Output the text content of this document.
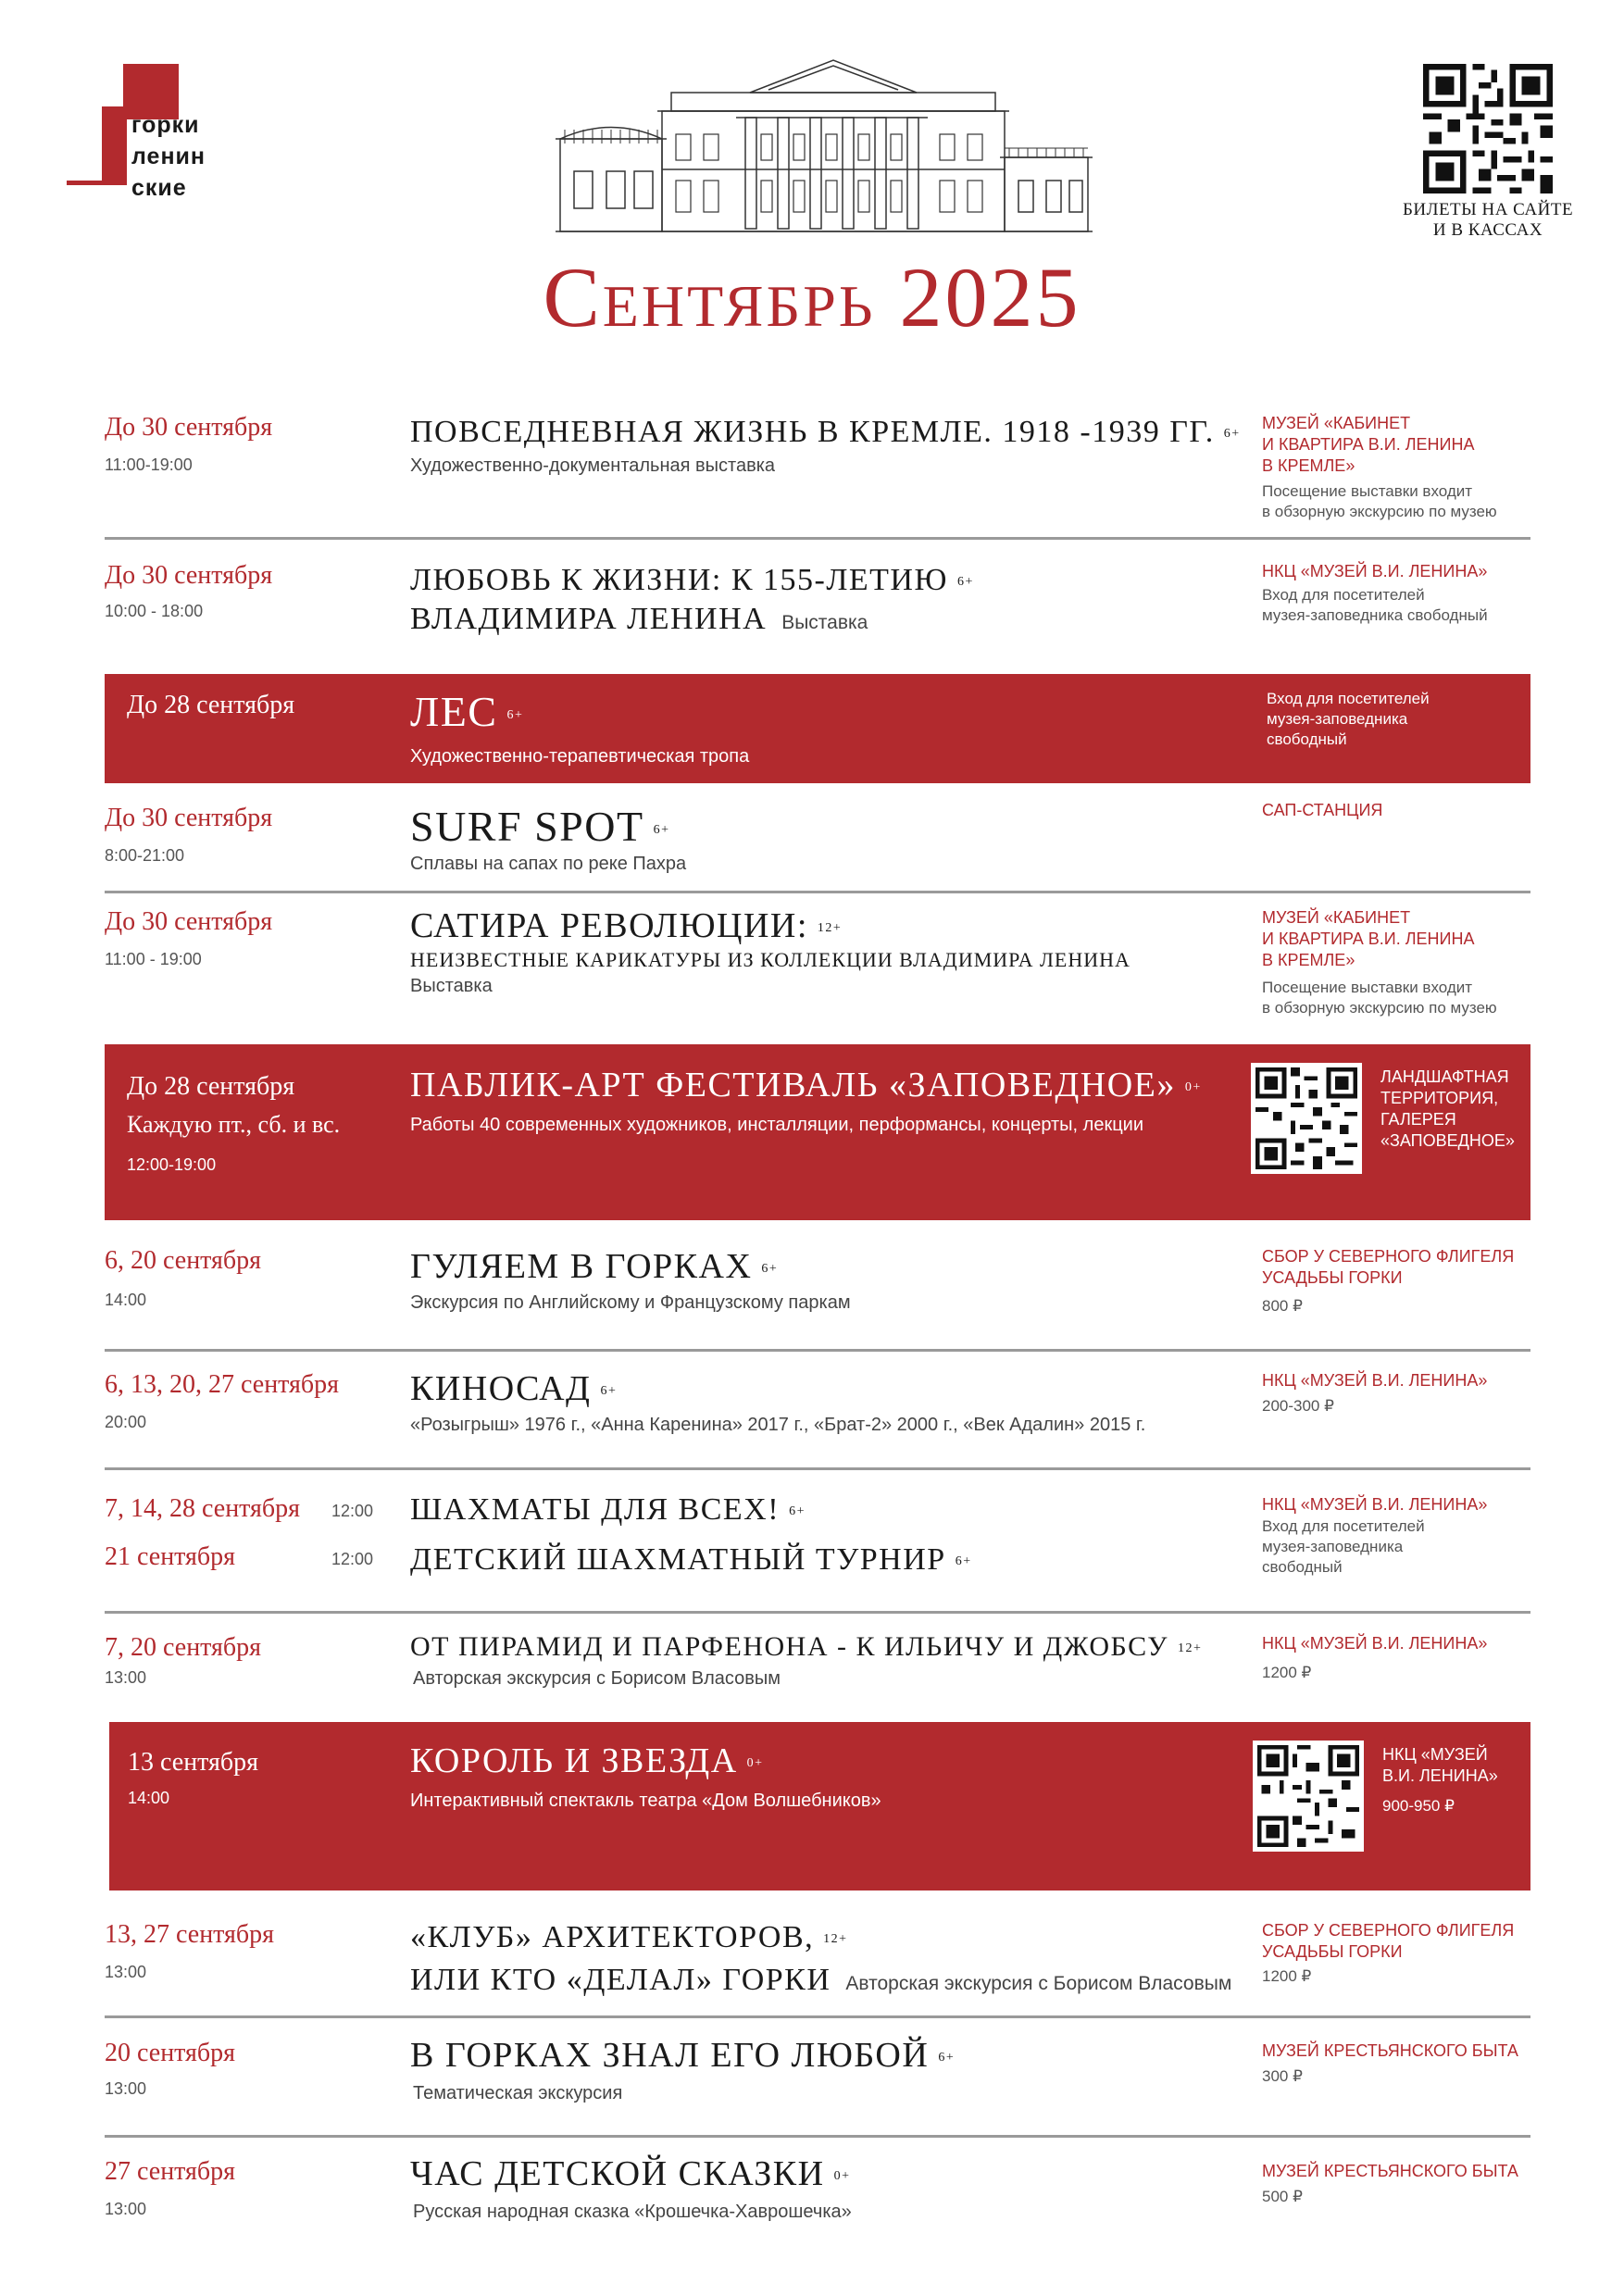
горки
ленин
ские
БИЛЕТЫ НА САЙТЕ
И В КАССАХ
Сентябрь 2025
До 30 сентября
11:00-19:00
ПОВСЕДНЕВНАЯ ЖИЗНЬ В КРЕМЛЕ. 1918 -1939 ГГ. 6+
Художественно-документальная выставка
МУЗЕЙ «КАБИНЕТ
И КВАРТИРА В.И. ЛЕНИНА
В КРЕМЛЕ»
Посещение выставки входит
в обзорную экскурсию по музею
До 30 сентября
10:00 - 18:00
ЛЮБОВЬ К ЖИЗНИ: К 155-ЛЕТИЮ 6+
ВЛАДИМИРА ЛЕНИНА Выставка
НКЦ «МУЗЕЙ В.И. ЛЕНИНА»
Вход для посетителей
музея-заповедника свободный
До 28 сентября	ЛЕС 6+
Художественно-терапевтическая тропа
Вход для посетителей
музея-заповедника
свободный
До 30 сентября
8:00-21:00
SURF SPOT 6+
Сплавы на сапах по реке Пахра
САП-СТАНЦИЯ
До 30 сентября
11:00 - 19:00
САТИРА РЕВОЛЮЦИИ: 12+
НЕИЗВЕСТНЫЕ КАРИКАТУРЫ ИЗ КОЛЛЕКЦИИ ВЛАДИМИРА ЛЕНИНА
Выставка
МУЗЕЙ «КАБИНЕТ
И КВАРТИРА В.И. ЛЕНИНА
В КРЕМЛЕ»
Посещение выставки входит
в обзорную экскурсию по музею
До 28 сентября
Каждую пт., сб. и вс.
12:00-19:00
ПАБЛИК-АРТ ФЕСТИВАЛЬ «ЗАПОВЕДНОЕ» 0+
Работы 40 современных художников, инсталляции, перформансы, концерты, лекции
ЛАНДШАФТНАЯ
ТЕРРИТОРИЯ,
ГАЛЕРЕЯ
«ЗАПОВЕДНОЕ»
6, 20 сентября
14:00
ГУЛЯЕМ В ГОРКАХ 6+
Экскурсия по Английскому и Французскому паркам
СБОР У СЕВЕРНОГО ФЛИГЕЛЯ
УСАДЬБЫ ГОРКИ
800 ₽
6, 13, 20, 27 сентября
20:00
КИНОСАД 6+
«Розыгрыш» 1976 г., «Анна Каренина» 2017 г., «Брат-2» 2000 г., «Век Адалин» 2015 г.
НКЦ «МУЗЕЙ В.И. ЛЕНИНА»
200-300 ₽
7, 14, 28 сентября 12:00 ШАХМАТЫ ДЛЯ ВСЕХ! 6+
21 сентября	12:00 ДЕТСКИЙ ШАХМАТНЫЙ ТУРНИР 6+
НКЦ «МУЗЕЙ В.И. ЛЕНИНА»
Вход для посетителей
музея-заповедника
свободный
7, 20 сентября
13:00
ОТ ПИРАМИД И ПАРФЕНОНА - К ИЛЬИЧУ И ДЖОБСУ 12+
Авторская экскурсия с Борисом Власовым
НКЦ «МУЗЕЙ В.И. ЛЕНИНА»
1200 ₽
13 сентября
14:00
КОРОЛЬ И ЗВЕЗДА 0+
Интерактивный спектакль театра «Дом Волшебников»
НКЦ «МУЗЕЙ
В.И. ЛЕНИНА»
900-950 ₽
13, 27 сентября
13:00
«КЛУБ» АРХИТЕКТОРОВ, 12+
ИЛИ КТО «ДЕЛАЛ» ГОРКИ Авторская экскурсия с Борисом Власовым
СБОР У СЕВЕРНОГО ФЛИГЕЛЯ
УСАДЬБЫ ГОРКИ
1200 ₽
20 сентября
13:00
В ГОРКАХ ЗНАЛ ЕГО ЛЮБОЙ 6+
Тематическая экскурсия
МУЗЕЙ КРЕСТЬЯНСКОГО БЫТА
300 ₽
27 сентября
13:00
ЧАС ДЕТСКОЙ СКАЗКИ 0+
Русская народная сказка «Крошечка-Хаврошечка»
МУЗЕЙ КРЕСТЬЯНСКОГО БЫТА
500 ₽
